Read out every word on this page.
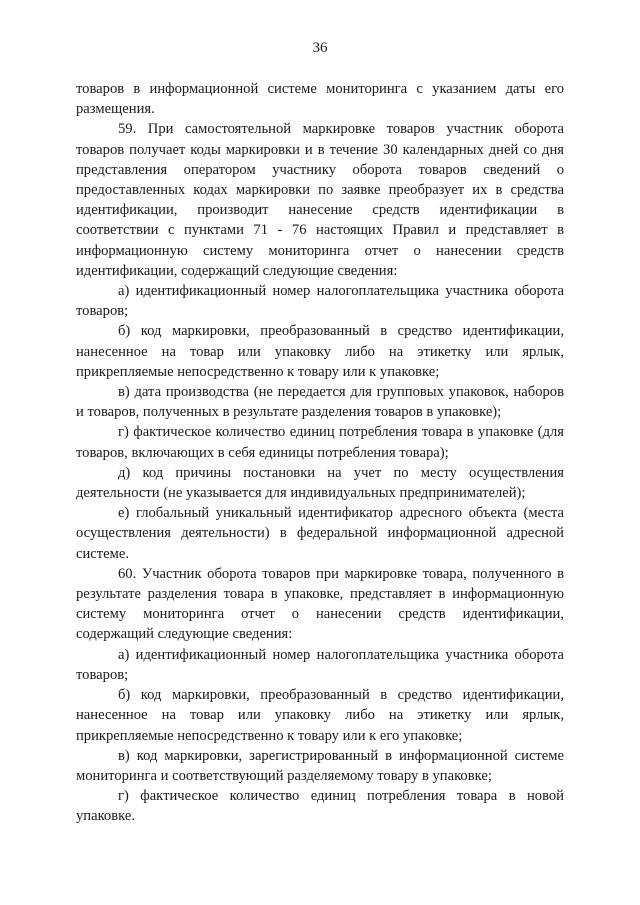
36

товаров в информационной системе мониторинга с указанием даты его размещения.

59. При самостоятельной маркировке товаров участник оборота товаров получает коды маркировки и в течение 30 календарных дней со дня представления оператором участнику оборота товаров сведений о предоставленных кодах маркировки по заявке преобразует их в средства идентификации, производит нанесение средств идентификации в соответствии с пунктами 71 - 76 настоящих Правил и представляет в информационную систему мониторинга отчет о нанесении средств идентификации, содержащий следующие сведения:

а) идентификационный номер налогоплательщика участника оборота товаров;

б) код маркировки, преобразованный в средство идентификации, нанесенное на товар или упаковку либо на этикетку или ярлык, прикрепляемые непосредственно к товару или к упаковке;

в) дата производства (не передается для групповых упаковок, наборов и товаров, полученных в результате разделения товаров в упаковке);

г) фактическое количество единиц потребления товара в упаковке (для товаров, включающих в себя единицы потребления товара);

д) код причины постановки на учет по месту осуществления деятельности (не указывается для индивидуальных предпринимателей);

е) глобальный уникальный идентификатор адресного объекта (места осуществления деятельности) в федеральной информационной адресной системе.

60. Участник оборота товаров при маркировке товара, полученного в результате разделения товара в упаковке, представляет в информационную систему мониторинга отчет о нанесении средств идентификации, содержащий следующие сведения:

а) идентификационный номер налогоплательщика участника оборота товаров;

б) код маркировки, преобразованный в средство идентификации, нанесенное на товар или упаковку либо на этикетку или ярлык, прикрепляемые непосредственно к товару или к его упаковке;

в) код маркировки, зарегистрированный в информационной системе мониторинга и соответствующий разделяемому товару в упаковке;

г) фактическое количество единиц потребления товара в новой упаковке.
